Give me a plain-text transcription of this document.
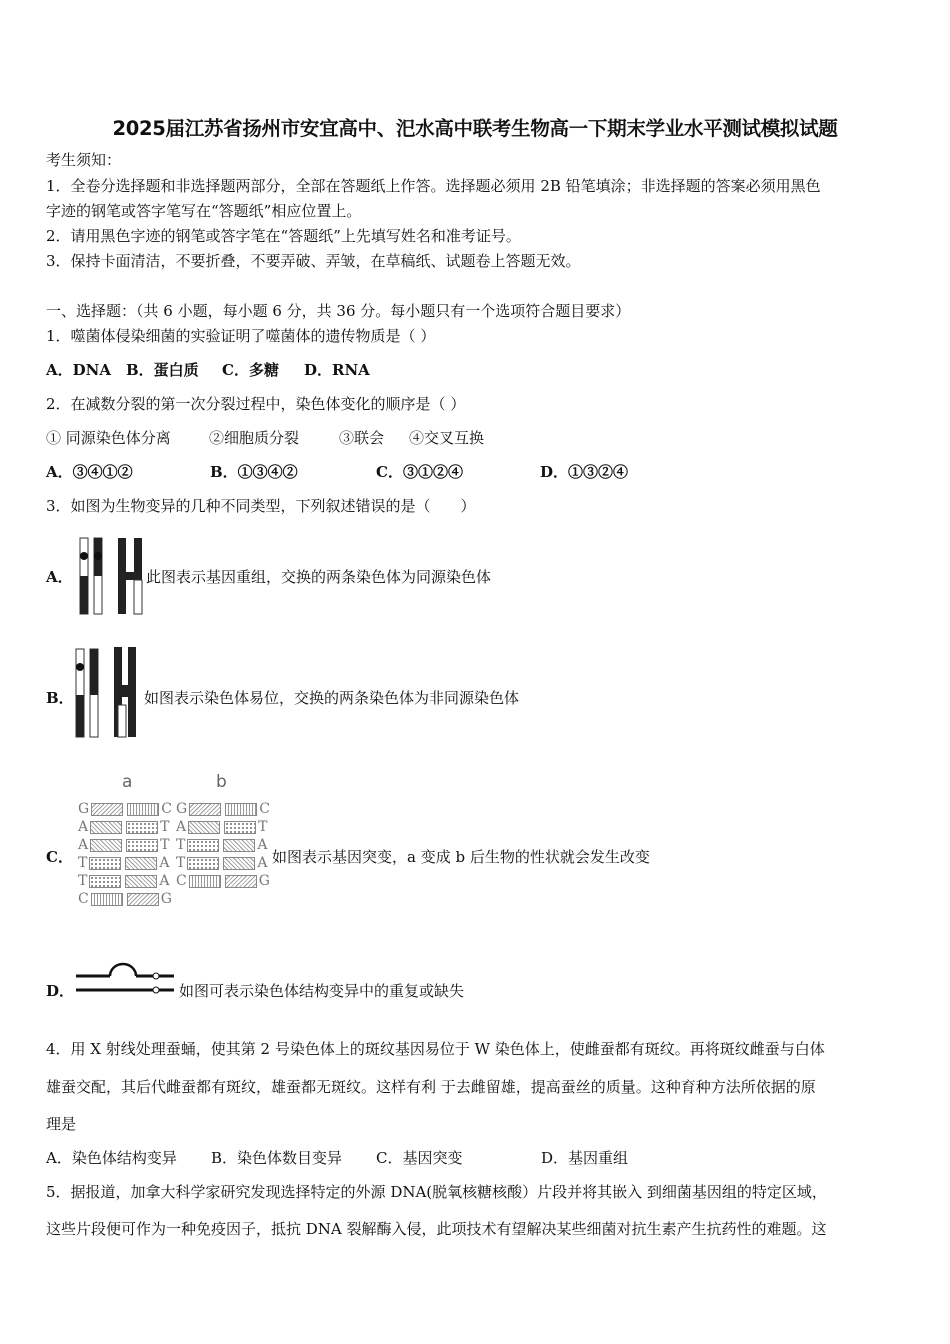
2025届江苏省扬州市安宜高中、汜水高中联考生物高一下期末学业水平测试模拟试题
考生须知：
1．全卷分选择题和非选择题两部分，全部在答题纸上作答。选择题必须用 2B 铅笔填涂；非选择题的答案必须用黑色
字迹的钢笔或答字笔写在“答题纸”相应位置上。
2．请用黑色字迹的钢笔或答字笔在“答题纸”上先填写姓名和准考证号。
3．保持卡面清洁，不要折叠，不要弄破、弄皱，在草稿纸、试题卷上答题无效。
一、选择题：（共 6 小题，每小题 6 分，共 36 分。每小题只有一个选项符合题目要求）
1．噬菌体侵染细菌的实验证明了噬菌体的遗传物质是（ ）
A．DNA B．蛋白质 C．多糖 D．RNA
2．在减数分裂的第一次分裂过程中，染色体变化的顺序是（ ）
① 同源染色体分离	②细胞质分裂	③联会 ④交叉互换
A．③④①②	B．①③④②	C．③①②④	D．①③②④
3．如图为生物变异的几种不同类型，下列叙述错误的是（　　）
A．	此图表示基因重组，交换的两条染色体为同源染色体
B．	如图表示染色体易位，交换的两条染色体为非同源染色体
a	b
G	C
A	T
A	T
T	A
T	A
C	G
G	C
A	T
T	A
T	A
C	G
C．	如图表示基因突变，a 变成 b 后生物的性状就会发生改变
D．	如图可表示染色体结构变异中的重复或缺失
4．用 X 射线处理蚕蛹，使其第 2 号染色体上的斑纹基因易位于 W 染色体上，使雌蚕都有斑纹。再将斑纹雌蚕与白体
雄蚕交配，其后代雌蚕都有斑纹，雄蚕都无斑纹。这样有利 于去雌留雄，提高蚕丝的质量。这种育种方法所依据的原
理是
A．染色体结构变异 B．染色体数目变异 C．基因突变	D．基因重组
5．据报道，加拿大科学家研究发现选择特定的外源 DNA(脱氧核糖核酸）片段并将其嵌入 到细菌基因组的特定区域，
这些片段便可作为一种免疫因子，抵抗 DNA 裂解酶入侵，此项技术有望解决某些细菌对抗生素产生抗药性的难题。这
